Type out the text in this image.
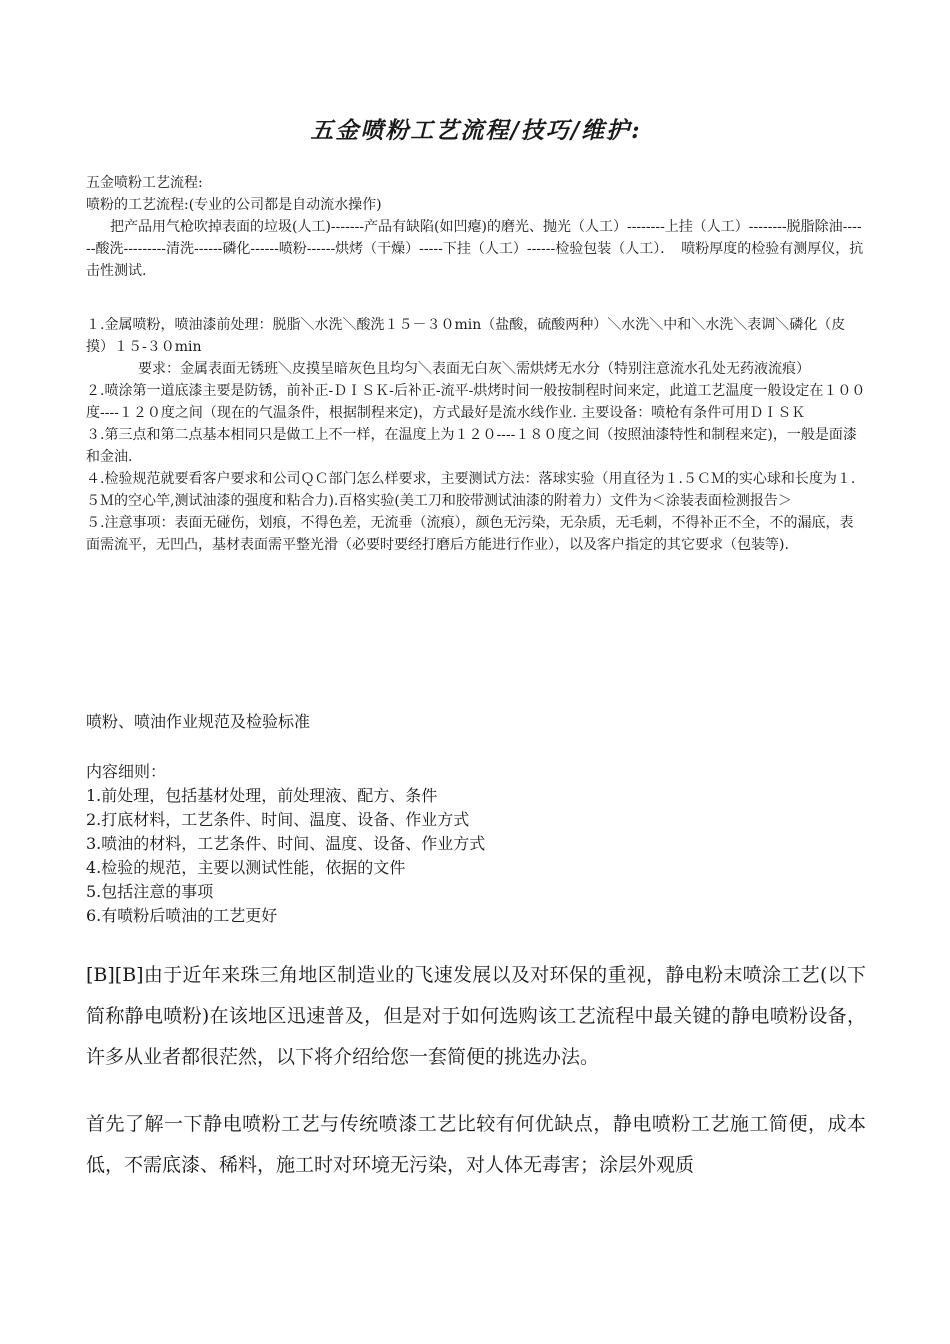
五金喷粉工艺流程/技巧/维护:

五金喷粉工艺流程:

喷粉的工艺流程:(专业的公司都是自动流水操作)

把产品用气枪吹掉表面的垃圾(人工)-------产品有缺陷(如凹瘪)的磨光、抛光（人工）--------上挂（人工）--------脱脂除油------酸洗---------清洗------磷化------喷粉------烘烤（干燥）-----下挂（人工）------检验包装（人工）．　喷粉厚度的检验有测厚仪，抗击性测试.

１.金属喷粉，喷油漆前处理：脱脂＼水洗＼酸洗１５－３０min（盐酸，硫酸两种）＼水洗＼中和＼水洗＼表调＼磷化（皮摸）１５-３０min

要求：金属表面无锈班＼皮摸呈暗灰色且均匀＼表面无白灰＼需烘烤无水分（特别注意流水孔处无药液流痕）

２.喷涂第一道底漆主要是防锈，前补正-ＤＩＳＫ-后补正-流平-烘烤时间一般按制程时间来定，此道工艺温度一般设定在１００度----１２０度之间（现在的气温条件，根据制程来定)，方式最好是流水线作业. 主要设备：喷枪有条件可用ＤＩＳＫ

３.第三点和第二点基本相同只是做工上不一样，在温度上为１２０----１８０度之间（按照油漆特性和制程来定)，一般是面漆和金油.

４.检验规范就要看客户要求和公司ＱＣ部门怎么样要求，主要测试方法：落球实验（用直径为１.５ＣＭ的实心球和长度为１.５Ｍ的空心竿,测试油漆的强度和粘合力).百格实验(美工刀和胶带测试油漆的附着力）文件为＜涂装表面检测报告＞

５.注意事项：表面无碰伤，划痕，不得色差，无流垂（流痕），颜色无污染，无杂质，无毛刺，不得补正不全，不的漏底，表面需流平，无凹凸，基材表面需平整光滑（必要时要经打磨后方能进行作业），以及客户指定的其它要求（包装等).

喷粉、喷油作业规范及检验标准

内容细则：

1.前处理，包括基材处理，前处理液、配方、条件

2.打底材料，工艺条件、时间、温度、设备、作业方式

3.喷油的材料，工艺条件、时间、温度、设备、作业方式

4.检验的规范，主要以测试性能，依据的文件

5.包括注意的事项

6.有喷粉后喷油的工艺更好

[B][B]由于近年来珠三角地区制造业的飞速发展以及对环保的重视，静电粉末喷涂工艺(以下简称静电喷粉)在该地区迅速普及，但是对于如何选购该工艺流程中最关键的静电喷粉设备，许多从业者都很茫然，以下将介绍给您一套简便的挑选办法。
首先了解一下静电喷粉工艺与传统喷漆工艺比较有何优缺点，静电喷粉工艺施工简便，成本低，不需底漆、稀料，施工时对环境无污染，对人体无毒害；涂层外观质
